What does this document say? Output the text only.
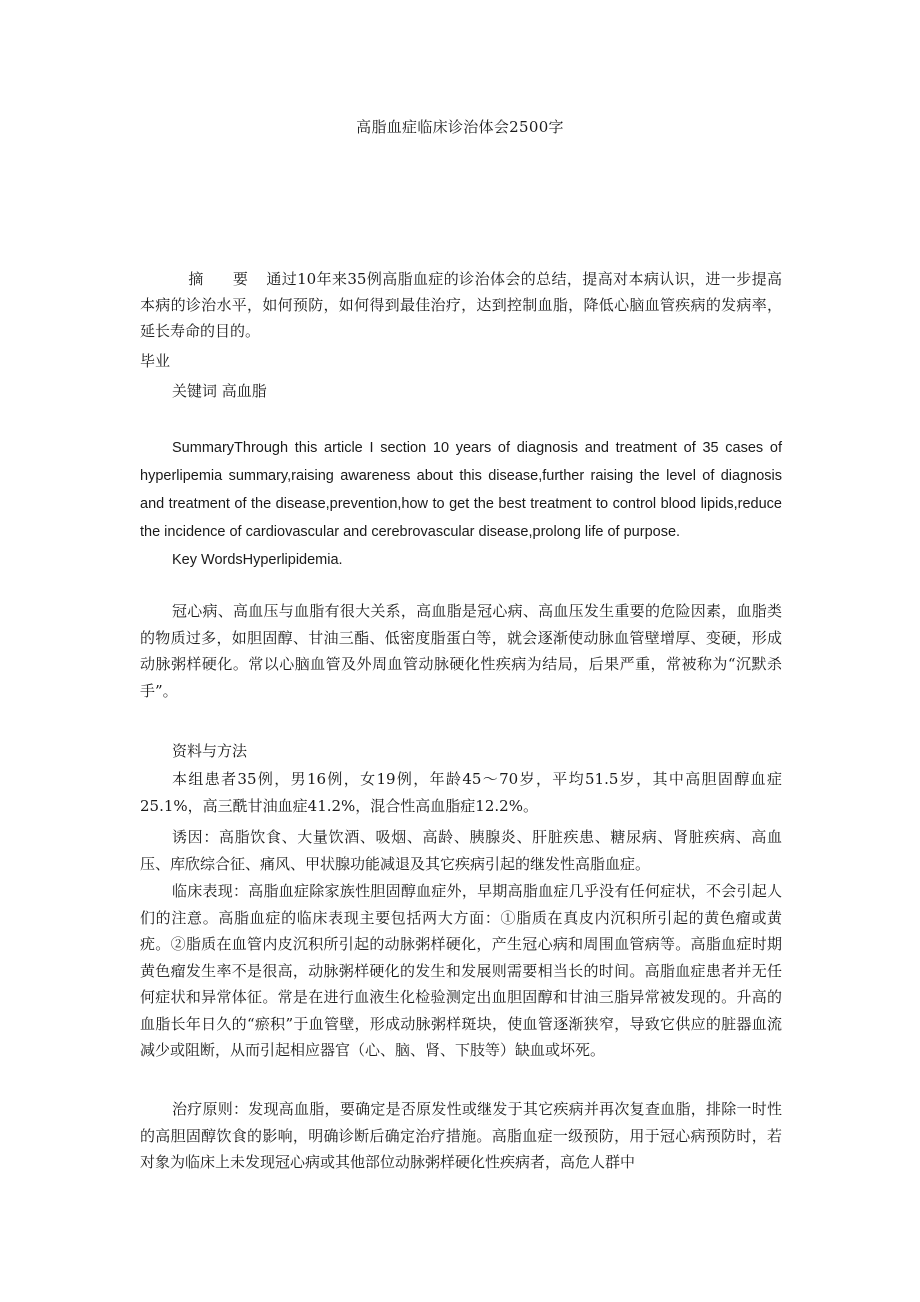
高脂血症临床诊治体会2500字
摘 要 通过10年来35例高脂血症的诊治体会的总结，提高对本病认识，进一步提高本病的诊治水平，如何预防，如何得到最佳治疗，达到控制血脂，降低心脑血管疾病的发病率，延长寿命的目的。
毕业
关键词 高血脂
SummaryThrough this article I section 10 years of diagnosis and treatment of 35 cases of hyperlipemia summary,raising awareness about this disease,further raising the level of diagnosis and treatment of the disease,prevention,how to get the best treatment to control blood lipids,reduce the incidence of cardiovascular and cerebrovascular disease,prolong life of purpose.
Key WordsHyperlipidemia.
冠心病、高血压与血脂有很大关系，高血脂是冠心病、高血压发生重要的危险因素，血脂类的物质过多，如胆固醇、甘油三酯、低密度脂蛋白等，就会逐渐使动脉血管壁增厚、变硬，形成动脉粥样硬化。常以心脑血管及外周血管动脉硬化性疾病为结局，后果严重，常被称为“沉默杀手”。
资料与方法
本组患者35例，男16例，女19例，年龄45～70岁，平均51.5岁，其中高胆固醇血症25.1%，高三酰甘油血症41.2%，混合性高血脂症12.2%。
诱因：高脂饮食、大量饮酒、吸烟、高龄、胰腺炎、肝脏疾患、糖尿病、肾脏疾病、高血压、库欣综合征、痛风、甲状腺功能减退及其它疾病引起的继发性高脂血症。
临床表现：高脂血症除家族性胆固醇血症外，早期高脂血症几乎没有任何症状，不会引起人们的注意。高脂血症的临床表现主要包括两大方面：①脂质在真皮内沉积所引起的黄色瘤或黄疣。②脂质在血管内皮沉积所引起的动脉粥样硬化，产生冠心病和周围血管病等。高脂血症时期黄色瘤发生率不是很高，动脉粥样硬化的发生和发展则需要相当长的时间。高脂血症患者并无任何症状和异常体征。常是在进行血液生化检验测定出血胆固醇和甘油三脂异常被发现的。升高的血脂长年日久的“瘀积”于血管壁，形成动脉粥样斑块，使血管逐渐狭窄，导致它供应的脏器血流减少或阻断，从而引起相应器官（心、脑、肾、下肢等）缺血或坏死。
治疗原则：发现高血脂，要确定是否原发性或继发于其它疾病并再次复查血脂，排除一时性的高胆固醇饮食的影响，明确诊断后确定治疗措施。高脂血症一级预防，用于冠心病预防时，若对象为临床上未发现冠心病或其他部位动脉粥样硬化性疾病者，高危人群中
